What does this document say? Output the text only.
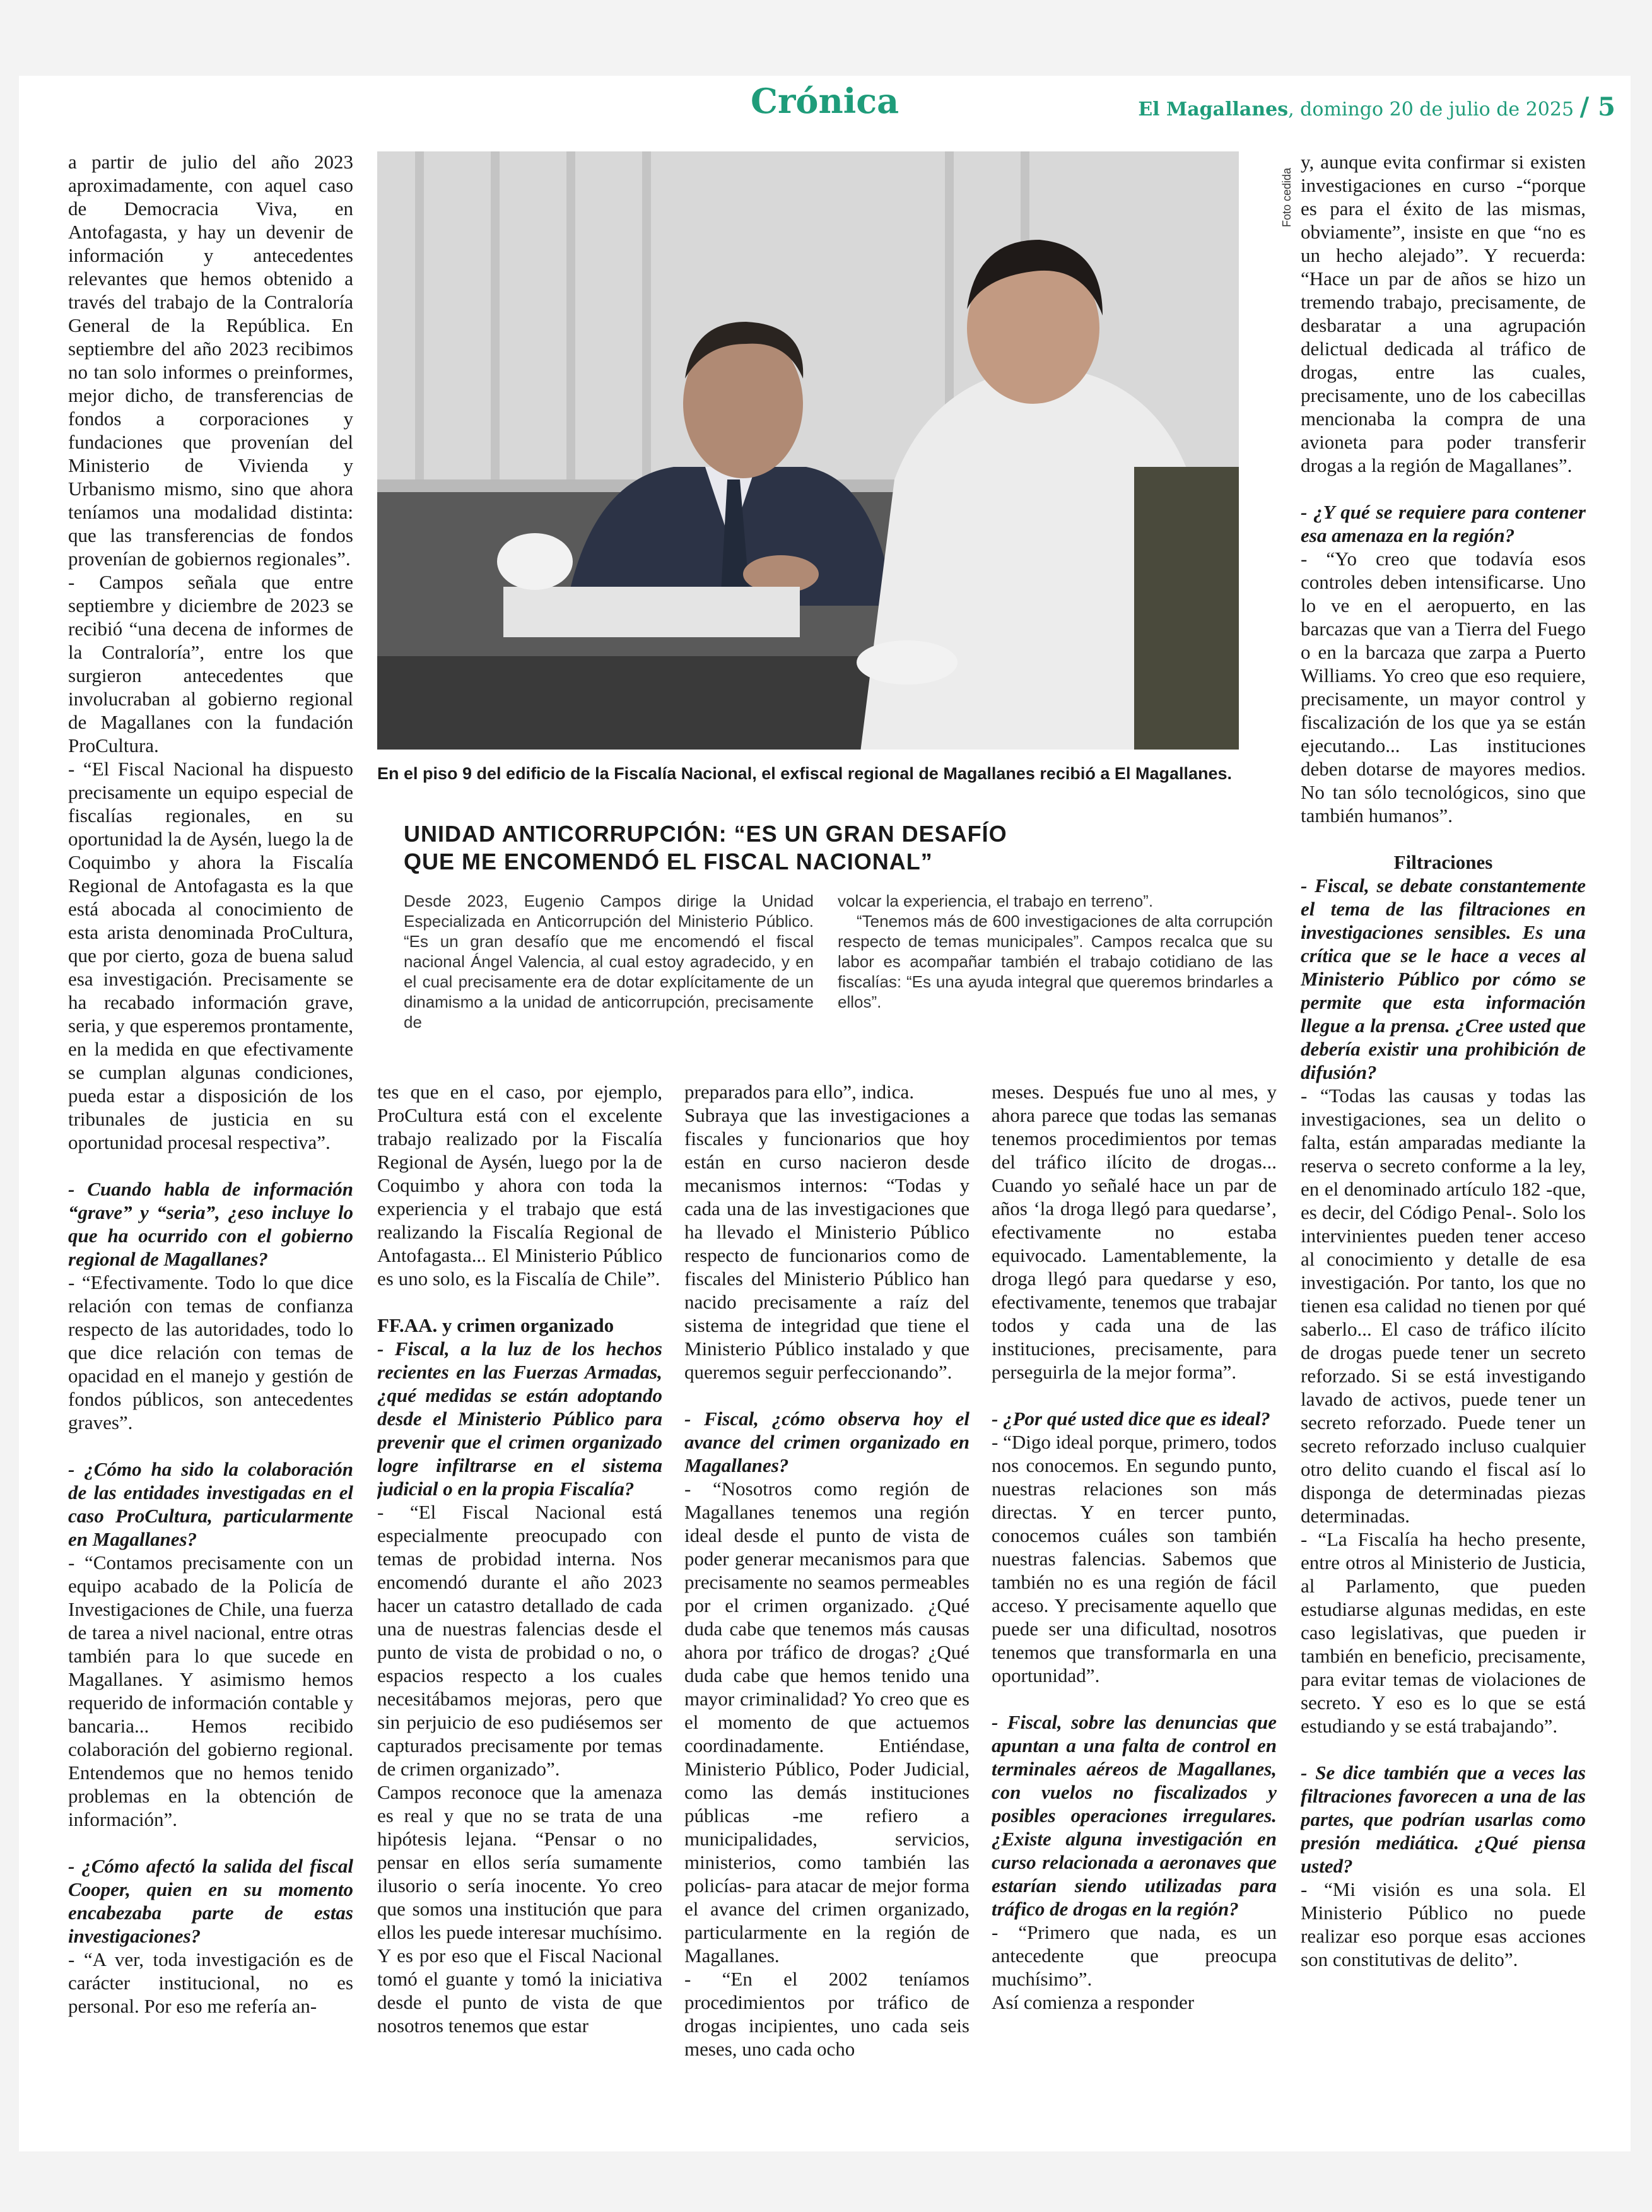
Crónica	El Magallanes, domingo 20 de julio de 2025 / 5

a partir de julio del año 2023 aproximadamente, con aquel caso de Democracia Viva, en Antofagasta, y hay un devenir de información y antecedentes relevantes que hemos obtenido a través del trabajo de la Contraloría General de la República. En septiembre del año 2023 recibimos no tan solo informes o preinformes, mejor dicho, de transferencias de fondos a corporaciones y fundaciones que provenían del Ministerio de Vivienda y Urbanismo mismo, sino que ahora teníamos una modalidad distinta: que las transferencias de fondos provenían de gobiernos regionales”.

- Campos señala que entre septiembre y diciembre de 2023 se recibió “una decena de informes de la Contraloría”, entre los que surgieron antecedentes que involucraban al gobierno regional de Magallanes con la fundación ProCultura.

- “El Fiscal Nacional ha dispuesto precisamente un equipo especial de fiscalías regionales, en su oportunidad la de Aysén, luego la de Coquimbo y ahora la Fiscalía Regional de Antofagasta es la que está abocada al conocimiento de esta arista denominada ProCultura, que por cierto, goza de buena salud esa investigación. Precisamente se ha recabado información grave, seria, y que esperemos prontamente, en la medida en que efectivamente se cumplan algunas condiciones, pueda estar a disposición de los tribunales de justicia en su oportunidad procesal respectiva”.

- Cuando habla de información “grave” y “seria”, ¿eso incluye lo que ha ocurrido con el gobierno regional de Magallanes?

- “Efectivamente. Todo lo que dice relación con temas de confianza respecto de las autoridades, todo lo que dice relación con temas de opacidad en el manejo y gestión de fondos públicos, son antecedentes graves”.

- ¿Cómo ha sido la colaboración de las entidades investigadas en el caso ProCultura, particularmente en Magallanes?

- “Contamos precisamente con un equipo acabado de la Policía de Investigaciones de Chile, una fuerza de tarea a nivel nacional, entre otras también para lo que sucede en Magallanes. Y asimismo hemos requerido de información contable y bancaria... Hemos recibido colaboración del gobierno regional. Entendemos que no hemos tenido problemas en la obtención de información”.

- ¿Cómo afectó la salida del fiscal Cooper, quien en su momento encabezaba parte de estas investigaciones?

- “A ver, toda investigación es de carácter institucional, no es personal. Por eso me refería an-

Foto cedida
En el piso 9 del edificio de la Fiscalía Nacional, el exfiscal regional de Magallanes recibió a El Magallanes.
UNIDAD ANTICORRUPCIÓN: “ES UN GRAN DESAFÍO
QUE ME ENCOMENDÓ EL FISCAL NACIONAL”

Desde 2023, Eugenio Campos dirige la Unidad Especializada en Anticorrupción del Ministerio Público. “Es un gran desafío que me encomendó el fiscal nacional Ángel Valencia, al cual estoy agradecido, y en el cual precisamente era de dotar explícitamente de un dinamismo a la unidad de anticorrupción, precisamente de

volcar la experiencia, el trabajo en terreno”.

“Tenemos más de 600 investigaciones de alta corrupción respecto de temas municipales”. Campos recalca que su labor es acompañar también el trabajo cotidiano de las fiscalías: “Es una ayuda integral que queremos brindarles a ellos”.

tes que en el caso, por ejemplo, ProCultura está con el excelente trabajo realizado por la Fiscalía Regional de Aysén, luego por la de Coquimbo y ahora con toda la experiencia y el trabajo que está realizando la Fiscalía Regional de Antofagasta... El Ministerio Público es uno solo, es la Fiscalía de Chile”.

FF.AA. y crimen organizado

- Fiscal, a la luz de los hechos recientes en las Fuerzas Armadas, ¿qué medidas se están adoptando desde el Ministerio Público para prevenir que el crimen organizado logre infiltrarse en el sistema judicial o en la propia Fiscalía?

- “El Fiscal Nacional está especialmente preocupado con temas de probidad interna. Nos encomendó durante el año 2023 hacer un catastro detallado de cada una de nuestras falencias desde el punto de vista de probidad o no, o espacios respecto a los cuales necesitábamos mejoras, pero que sin perjuicio de eso pudiésemos ser capturados precisamente por temas de crimen organizado”.

Campos reconoce que la amenaza es real y que no se trata de una hipótesis lejana. “Pensar o no pensar en ellos sería sumamente ilusorio o sería inocente. Yo creo que somos una institución que para ellos les puede interesar muchísimo. Y es por eso que el Fiscal Nacional tomó el guante y tomó la iniciativa desde el punto de vista de que nosotros tenemos que estar

preparados para ello”, indica.

Subraya que las investigaciones a fiscales y funcionarios que hoy están en curso nacieron desde mecanismos internos: “Todas y cada una de las investigaciones que ha llevado el Ministerio Público respecto de funcionarios como de fiscales del Ministerio Público han nacido precisamente a raíz del sistema de integridad que tiene el Ministerio Público instalado y que queremos seguir perfeccionando”.

- Fiscal, ¿cómo observa hoy el avance del crimen organizado en Magallanes?

- “Nosotros como región de Magallanes tenemos una región ideal desde el punto de vista de poder generar mecanismos para que precisamente no seamos permeables por el crimen organizado. ¿Qué duda cabe que tenemos más causas ahora por tráfico de drogas? ¿Qué duda cabe que hemos tenido una mayor criminalidad? Yo creo que es el momento de que actuemos coordinadamente. Entiéndase, Ministerio Público, Poder Judicial, como las demás instituciones públicas -me refiero a municipalidades, servicios, ministerios, como también las policías- para atacar de mejor forma el avance del crimen organizado, particularmente en la región de Magallanes.

- “En el 2002 teníamos procedimientos por tráfico de drogas incipientes, uno cada seis meses, uno cada ocho

meses. Después fue uno al mes, y ahora parece que todas las semanas tenemos procedimientos por temas del tráfico ilícito de drogas... Cuando yo señalé hace un par de años ‘la droga llegó para quedarse’, efectivamente no estaba equivocado. Lamentablemente, la droga llegó para quedarse y eso, efectivamente, tenemos que trabajar todos y cada una de las instituciones, precisamente, para perseguirla de la mejor forma”.

- ¿Por qué usted dice que es ideal?

- “Digo ideal porque, primero, todos nos conocemos. En segundo punto, nuestras relaciones son más directas. Y en tercer punto, conocemos cuáles son también nuestras falencias. Sabemos que también no es una región de fácil acceso. Y precisamente aquello que puede ser una dificultad, nosotros tenemos que transformarla en una oportunidad”.

- Fiscal, sobre las denuncias que apuntan a una falta de control en terminales aéreos de Magallanes, con vuelos no fiscalizados y posibles operaciones irregulares. ¿Existe alguna investigación en curso relacionada a aeronaves que estarían siendo utilizadas para tráfico de drogas en la región?

- “Primero que nada, es un antecedente que preocupa muchísimo”.

Así comienza a responder

y, aunque evita confirmar si existen investigaciones en curso -“porque es para el éxito de las mismas, obviamente”, insiste en que “no es un hecho alejado”. Y recuerda: “Hace un par de años se hizo un tremendo trabajo, precisamente, de desbaratar a una agrupación delictual dedicada al tráfico de drogas, entre las cuales, precisamente, uno de los cabecillas mencionaba la compra de una avioneta para poder transferir drogas a la región de Magallanes”.

- ¿Y qué se requiere para contener esa amenaza en la región?

- “Yo creo que todavía esos controles deben intensificarse. Uno lo ve en el aeropuerto, en las barcazas que van a Tierra del Fuego o en la barcaza que zarpa a Puerto Williams. Yo creo que eso requiere, precisamente, un mayor control y fiscalización de los que ya se están ejecutando... Las instituciones deben dotarse de mayores medios. No tan sólo tecnológicos, sino que también humanos”.

Filtraciones

- Fiscal, se debate constantemente el tema de las filtraciones en investigaciones sensibles. Es una crítica que se le hace a veces al Ministerio Público por cómo se permite que esta información llegue a la prensa. ¿Cree usted que debería existir una prohibición de difusión?

- “Todas las causas y todas las investigaciones, sea un delito o falta, están amparadas mediante la reserva o secreto conforme a la ley, en el denominado artículo 182 -que, es decir, del Código Penal-. Solo los intervinientes pueden tener acceso al conocimiento y detalle de esa investigación. Por tanto, los que no tienen esa calidad no tienen por qué saberlo... El caso de tráfico ilícito de drogas puede tener un secreto reforzado. Si se está investigando lavado de activos, puede tener un secreto reforzado. Puede tener un secreto reforzado incluso cualquier otro delito cuando el fiscal así lo disponga de determinadas piezas determinadas.

- “La Fiscalía ha hecho presente, entre otros al Ministerio de Justicia, al Parlamento, que pueden estudiarse algunas medidas, en este caso legislativas, que pueden ir también en beneficio, precisamente, para evitar temas de violaciones de secreto. Y eso es lo que se está estudiando y se está trabajando”.

- Se dice también que a veces las filtraciones favorecen a una de las partes, que podrían usarlas como presión mediática. ¿Qué piensa usted?

- “Mi visión es una sola. El Ministerio Público no puede realizar eso porque esas acciones son constitutivas de delito”.
